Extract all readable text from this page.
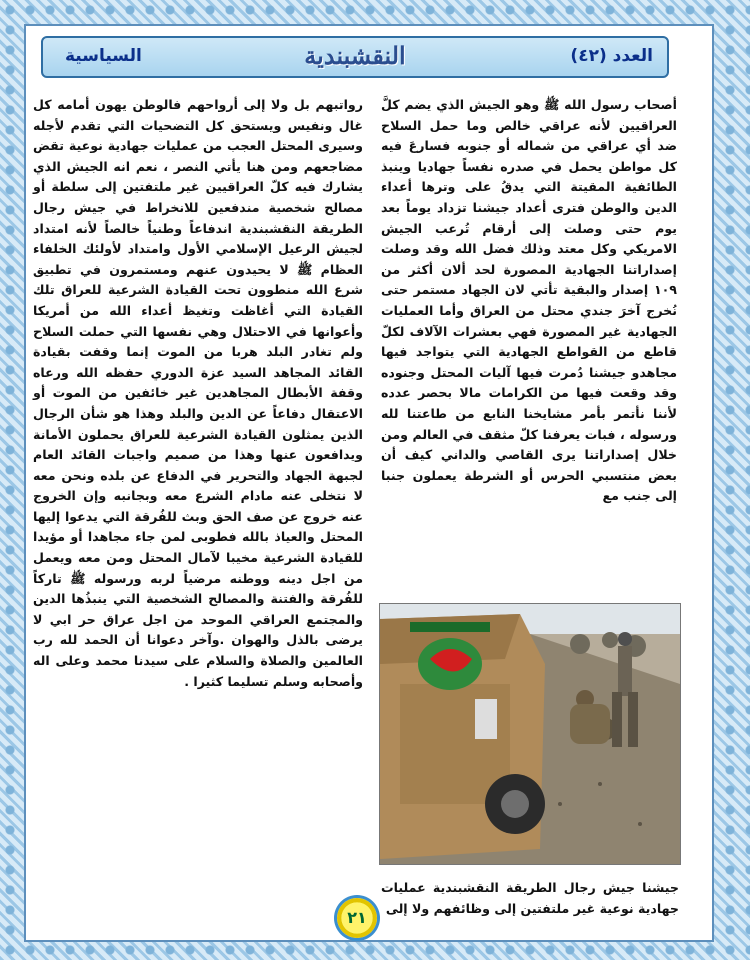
العدد (٤٢)
النقشبندية
السياسية
أصحاب رسول الله ﷺ وهو الجيش الذي يضم كلَّ العراقيين لأنه عراقي خالص وما حمل السلاح ضد أي عراقي من شماله أو جنوبه فسارعَ فيه كل مواطن يحمل في صدره نفساً جهاديا وينبذ الطائفية المقيتة التي يدقُ على وترها أعداء الدين والوطن فترى أعداد جيشنا تزداد يوماً بعد يوم حتى وصلت إلى أرقام تُرعب الجيش الامريكي وكل معتد وذلك فضل الله وقد وصلت إصداراتنا الجهادية المصورة لحد ألان أكثر من ١٠٩ إصدار والبقية تأتي لان الجهاد مستمر حتى نُخرج آخرَ جندي محتل من العراق وأما العمليات الجهادية غير المصورة فهي بعشرات الآلاف لكلّ قاطع من القواطع الجهادية التي يتواجد فيها مجاهدو جيشنا دُمرت فيها آليات المحتل وجنوده وقد وقعت فيها من الكرامات مالا بحصر عدده لأننا نأتمر بأمر مشايخنا النابع من طاعتنا لله ورسوله ، فبات يعرفنا كلّ مثقف في العالم ومن خلال إصداراتنا يرى القاصي والداني كيف أن بعض منتسبي الحرس أو الشرطة يعملون جنبا إلى جنب مع
رواتبهم بل ولا إلى أرواحهم فالوطن يهون أمامه كل غال ونفيس ويستحق كل التضحيات التي تقدم لأجله وسيرى المحتل العجب من عمليات جهادية نوعية تقض مضاجعهم ومن هنا يأتي النصر ، نعم انه الجيش الذي يشارك فيه كلّ العراقيين غير ملتفتين إلى سلطة أو مصالح شخصية مندفعين للانخراط في جيش رجال الطريقة النقشبندية اندفاعاً وطنياً خالصاً لأنه امتداد لجيش الرعيل الإسلامي الأول وامتداد لأولئك الخلفاء العظام ﷺ لا يحيدون عنهم ومستمرون في تطبيق شرع الله منطوون تحت القيادة الشرعية للعراق تلك القيادة التي أغاظت وتغيظ أعداء الله من أمريكا وأعوانها في الاحتلال وهي نفسها التي حملت السلاح ولم تغادر البلد هربا من الموت إنما وقفت بقيادة القائد المجاهد السيد عزة الدوري حفظه الله ورعاه وقفة الأبطال المجاهدين غير خائفين من الموت أو الاعتقال دفاعاً عن الدين والبلد وهذا هو شأن الرجال الذين يمثلون القيادة الشرعية للعراق يحملون الأمانة ويدافعون عنها وهذا من صميم واجبات القائد العام لجبهة الجهاد والتحرير في الدفاع عن بلده ونحن معه لا نتخلى عنه مادام الشرع معه وبجانبه وإن الخروج عنه خروج عن صف الحق وبث للفُرقة التي يدعوا إليها المحتل والعياذ بالله فطوبى لمن جاء مجاهدا أو مؤيدا للقيادة الشرعية مخيبا لآمال المحتل ومن معه ويعمل من اجل دينه ووطنه مرضياً لربه ورسوله ﷺ تاركاً للفُرقة والفتنة والمصالح الشخصية التي ينبذُها الدين والمجتمع العراقي الموحد من اجل عراق حر ابي لا يرضى بالذل والهوان .وآخر دعوانا أن الحمد لله رب العالمين والصلاة والسلام على سيدنا محمد وعلى اله وأصحابه وسلم تسليما كثيرا .
جيشنا جيش رجال الطريقة النقشبندية عمليات جهادية نوعية غير ملتفتين إلى وظائفهم ولا إلى
٢١
